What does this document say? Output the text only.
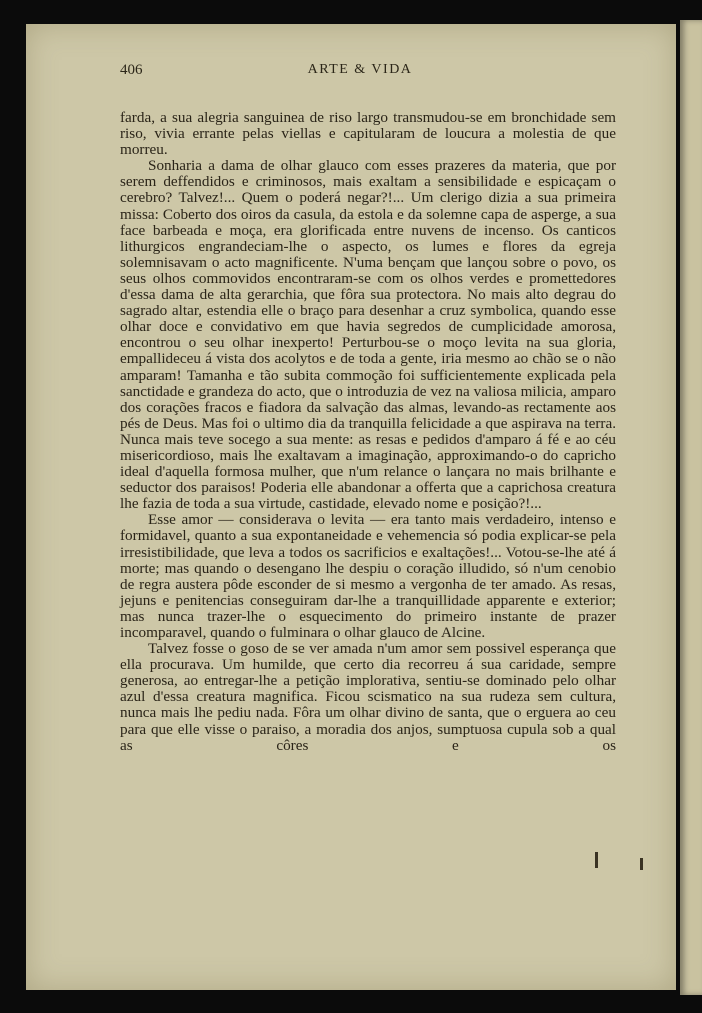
406	ARTE & VIDA

farda, a sua alegria sanguinea de riso largo transmudou-se em bronchidade sem riso, vivia errante pelas viellas e capitularam de loucura a molestia de que morreu.

Sonharia a dama de olhar glauco com esses prazeres da materia, que por serem deffendidos e criminosos, mais exaltam a sensibilidade e espicaçam o cerebro? Talvez!... Quem o poderá negar?!... Um clerigo dizia a sua primeira missa: Coberto dos oiros da casula, da estola e da solemne capa de asperge, a sua face barbeada e moça, era glorificada entre nuvens de incenso. Os canticos lithurgicos engrandeciam-lhe o aspecto, os lumes e flores da egreja solemnisavam o acto magnificente. N'uma bençam que lançou sobre o povo, os seus olhos commovidos encontraram-se com os olhos verdes e promettedores d'essa dama de alta gerarchia, que fôra sua protectora. No mais alto degrau do sagrado altar, estendia elle o braço para desenhar a cruz symbolica, quando esse olhar doce e convidativo em que havia segredos de cumplicidade amorosa, encontrou o seu olhar inexperto! Perturbou-se o moço levita na sua gloria, empallideceu á vista dos acolytos e de toda a gente, iria mesmo ao chão se o não amparam! Tamanha e tão subita commoção foi sufficientemente explicada pela sanctidade e grandeza do acto, que o introduzia de vez na valiosa milicia, amparo dos corações fracos e fiadora da salvação das almas, levando-as rectamente aos pés de Deus. Mas foi o ultimo dia da tranquilla felicidade a que aspirava na terra. Nunca mais teve socego a sua mente: as resas e pedidos d'amparo á fé e ao céu misericordioso, mais lhe exaltavam a imaginação, approximando-o do capricho ideal d'aquella formosa mulher, que n'um relance o lançara no mais brilhante e seductor dos paraisos! Poderia elle abandonar a offerta que a caprichosa creatura lhe fazia de toda a sua virtude, castidade, elevado nome e posição?!...

Esse amor — considerava o levita — era tanto mais verdadeiro, intenso e formidavel, quanto a sua expontaneidade e vehemencia só podia explicar-se pela irresistibilidade, que leva a todos os sacrificios e exaltações!... Votou-se-lhe até á morte; mas quando o desengano lhe despiu o coração illudido, só n'um cenobio de regra austera pôde esconder de si mesmo a vergonha de ter amado. As resas, jejuns e penitencias conseguiram dar-lhe a tranquillidade apparente e exterior; mas nunca trazer-lhe o esquecimento do primeiro instante de prazer incomparavel, quando o fulminara o olhar glauco de Alcine.

Talvez fosse o goso de se ver amada n'um amor sem possivel esperança que ella procurava. Um humilde, que certo dia recorreu á sua caridade, sempre generosa, ao entregar-lhe a petição implorativa, sentiu-se dominado pelo olhar azul d'essa creatura magnifica. Ficou scismatico na sua rudeza sem cultura, nunca mais lhe pediu nada. Fôra um olhar divino de santa, que o erguera ao ceu para que elle visse o paraiso, a moradia dos anjos, sumptuosa cupula sob a qual as côres e os
